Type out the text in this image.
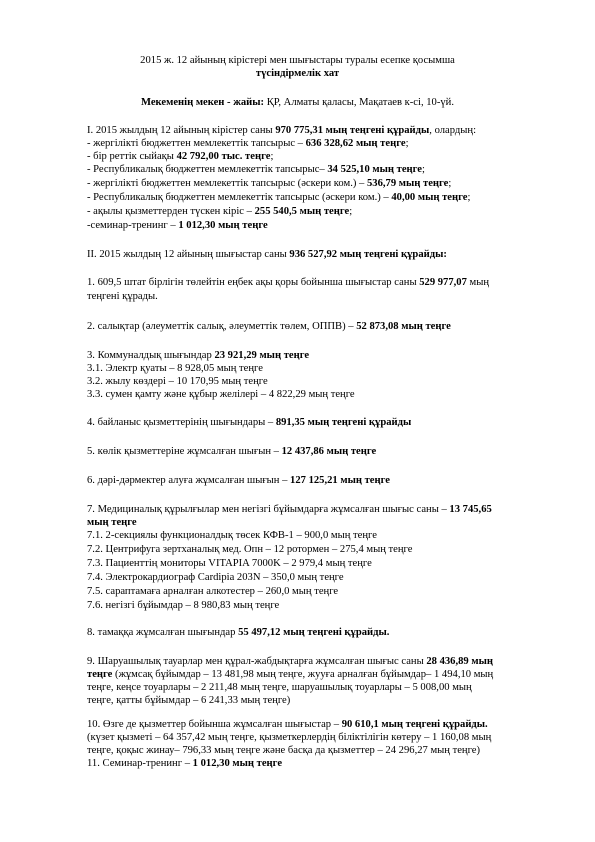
2015 ж. 12 айының кірістері мен шығыстары туралы есепке қосымша
түсіндірмелік хат
Мекеменің мекен - жайы: ҚР, Алматы қаласы, Мақатаев к-сі, 10-үй.
I. 2015 жылдың 12 айының кірістер саны 970 775,31 мың теңгені құрайды, олардың:
- жергілікті бюджеттен мемлекеттік тапсырыс – 636 328,62 мың теңге;
- бір реттік сыйақы 42 792,00 тыс. теңге;
- Республикалық бюджеттен мемлекеттік тапсырыс– 34 525,10 мың теңге;
- жергілікті бюджеттен мемлекеттік тапсырыс (әскери ком.) – 536,79 мың теңге;
- Республикалық бюджеттен мемлекеттік тапсырыс (әскери ком.) – 40,00 мың теңге;
- ақылы қызметтерден түскен кіріс – 255 540,5 мың теңге;
-семинар-тренинг – 1 012,30 мың теңге
II. 2015 жылдың 12 айының шығыстар саны 936 527,92 мың теңгені құрайды:
1. 609,5 штат бірлігін төлейтін еңбек ақы қоры бойынша шығыстар саны 529 977,07 мың
теңгені құрады.
2. салықтар (әлеуметтік салық, әлеуметтік төлем, ОППВ) – 52 873,08 мың теңге
3. Коммуналдық шығындар 23 921,29 мың теңге
3.1. Электр қуаты – 8 928,05 мың теңге
3.2. жылу көздері – 10 170,95 мың теңге
3.3. сумен қамту және құбыр желілері – 4 822,29 мың теңге
4. байланыс қызметтерінің шығындары – 891,35 мың теңгені құрайды
5. көлік қызметтеріне жұмсалған шығын – 12 437,86 мың теңге
6. дәрі-дәрмектер алуға жұмсалған шығын – 127 125,21 мың теңге
7. Медициналық құрылғылар мен негізгі бұйымдарға жұмсалған шығыс саны – 13 745,65
мың теңге
7.1. 2-секциялы функционалдық төсек КФВ-1 – 900,0 мың теңге
7.2. Центрифуга зертханалық мед. Опн – 12 ротормен – 275,4 мың теңге
7.3. Пациенттің мониторы VITAPIA 7000K – 2 979,4 мың теңге
7.4. Электрокардиограф Cardipia 203N – 350,0 мың теңге
7.5. сараптамаға арналған алкотестер – 260,0 мың теңге
7.6. негізгі бұйымдар – 8 980,83 мың теңге
8. тамаққа жұмсалған шығындар 55 497,12 мың теңгені құрайды.
9. Шаруашылық тауарлар мен құрал-жабдықтарға жұмсалған шығыс саны 28 436,89 мың
теңге (жұмсақ бұйымдар – 13 481,98 мың теңге, жууға арналған бұйымдар– 1 494,10 мың
теңге, кеңсе тоуарлары – 2 211,48 мың теңге, шаруашылық тоуарлары – 5 008,00 мың
теңге, қатты бұйымдар – 6 241,33 мың теңге)
10. Өзге де қызметтер бойынша жұмсалған шығыстар – 90 610,1 мың теңгені құрайды.
(күзет қызметі – 64 357,42 мың теңге, қызметкерлердің біліктілігін көтеру – 1 160,08 мың
теңге, қоқыс жинау– 796,33 мың теңге және басқа да қызметтер – 24 296,27 мың теңге)
11. Семинар-тренинг – 1 012,30 мың теңге
